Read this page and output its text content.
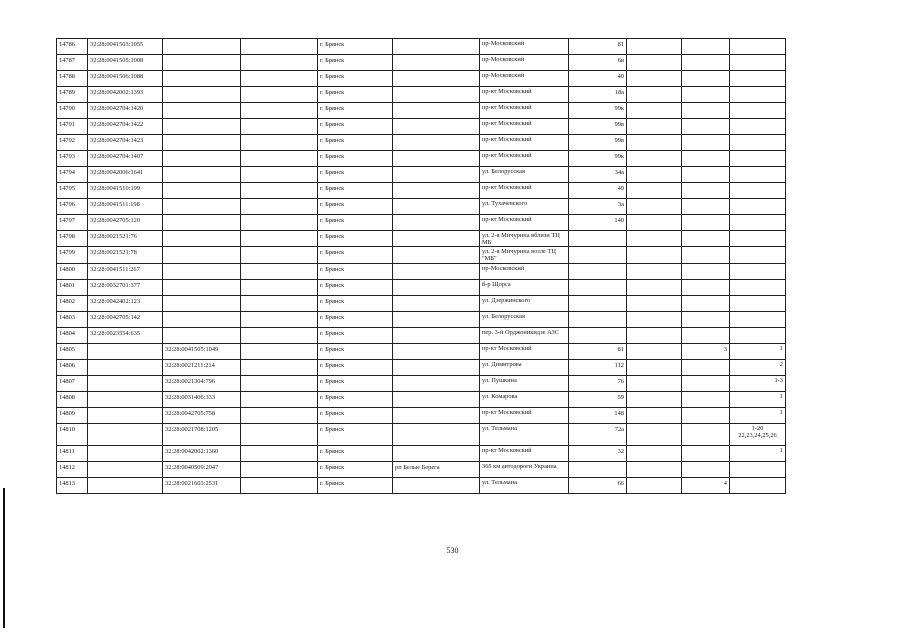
14786	32:28:0041503:1055			г. Брянск		пр-Московский	81			
14787	32:28:0041505:1008			г. Брянск		пр-Московский	6в			
14788	32:28:0041506:1088			г. Брянск		пр-Московский	40			
14789	32:28:0042002:1393			г. Брянск		пр-кт Московский	18а			
14790	32:28:0042704:1420			г. Брянск		пр-кт Московский	99к			
14791	32:28:0042704:1422			г. Брянск		пр-кт Московский	99в			
14792	32:28:0042704:1423			г. Брянск		пр-кт Московский	99в			
14793	32:28:0042704:1407			г. Брянск		пр-кт Московский	99к			
14794	32:28:0042006:1641			г. Брянск		ул. Белорусская	34а			
14795	32:28:0041510:199			г. Брянск		пр-кт Московский	49			
14796	32:28:0041511:198			г. Брянск		ул. Тухачевского	3а			
14797	32:28:0042705:120			г. Брянск		пр-кт Московский	140			
14798	32:28:0021521:76			г. Брянск		ул. 2-я Мичурина вблизи ТЦ МБ				
14799	32:28:0021521:78			г. Брянск		ул. 2-я Мичурина возле ТЦ "МБ"				
14800	32:28:0041511:267			г. Брянск		пр-Московский				
14801	32:28:0032701:377			г. Брянск		б-р Щорса				
14802	32:28:0042402:123			г. Брянск		ул. Дзержинского				
14803	32:28:0042705:142			г. Брянск		ул. Белорусская				
14804	32:28:0023554:635			г. Брянск		пер. 3-й Орджоникидзе АЗС				
14805		32:28:0041505:1049		г. Брянск		пр-кт Московский	81		3	1
14806		32:28:0021211:214		г. Брянск		ул. Димитрова	112			2
14807		32:28:0021304:796		г. Брянск		ул. Пушкина	76			1-3
14808		32:28:0031406:333		г. Брянск		ул. Комарова	59			1
14809		32:28:0042705:758		г. Брянск		пр-кт Московский	148			1
14810		32:28:0021708:1205		г. Брянск		ул. Тельмана	72а			1-20 22,23,24,25,26
14811		32:28:0042002:1360		г. Брянск		пр-кт Московский	32			1
14812		32:28:0040509:2047		г. Брянск	рп Белые Берега	365 км автодороги Украина				
14813		32:28:0021603:2531		г. Брянск		ул. Тельмана	66		4	
530
